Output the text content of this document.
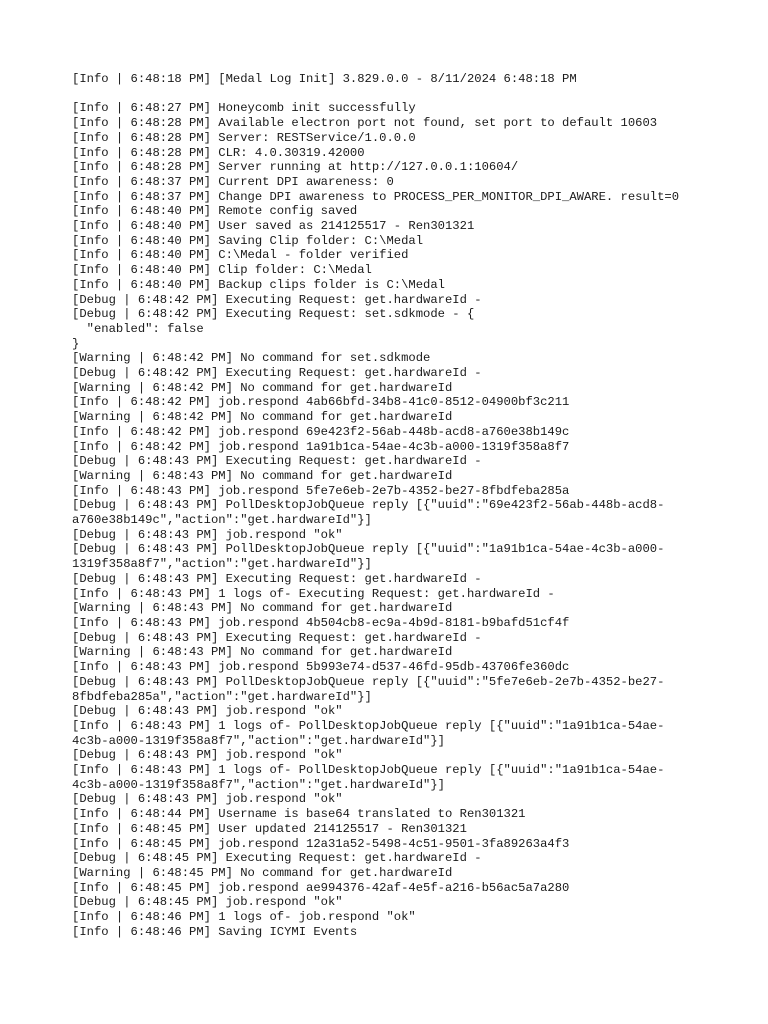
[Info | 6:48:18 PM] [Medal Log Init] 3.829.0.0 - 8/11/2024 6:48:18 PM
[Info | 6:48:27 PM] Honeycomb init successfully
[Info | 6:48:28 PM] Available electron port not found, set port to default 10603
[Info | 6:48:28 PM] Server: RESTService/1.0.0.0
[Info | 6:48:28 PM] CLR: 4.0.30319.42000
[Info | 6:48:28 PM] Server running at http://127.0.0.1:10604/
[Info | 6:48:37 PM] Current DPI awareness: 0
[Info | 6:48:37 PM] Change DPI awareness to PROCESS_PER_MONITOR_DPI_AWARE. result=0
[Info | 6:48:40 PM] Remote config saved
[Info | 6:48:40 PM] User saved as 214125517 - Ren301321
[Info | 6:48:40 PM] Saving Clip folder: C:\Medal
[Info | 6:48:40 PM] C:\Medal - folder verified
[Info | 6:48:40 PM] Clip folder: C:\Medal
[Info | 6:48:40 PM] Backup clips folder is C:\Medal
[Debug | 6:48:42 PM] Executing Request: get.hardwareId -
[Debug | 6:48:42 PM] Executing Request: set.sdkmode - {
"enabled": false
}
[Warning | 6:48:42 PM] No command for set.sdkmode
[Debug | 6:48:42 PM] Executing Request: get.hardwareId -
[Warning | 6:48:42 PM] No command for get.hardwareId
[Info | 6:48:42 PM] job.respond 4ab66bfd-34b8-41c0-8512-04900bf3c211
[Warning | 6:48:42 PM] No command for get.hardwareId
[Info | 6:48:42 PM] job.respond 69e423f2-56ab-448b-acd8-a760e38b149c
[Info | 6:48:42 PM] job.respond 1a91b1ca-54ae-4c3b-a000-1319f358a8f7
[Debug | 6:48:43 PM] Executing Request: get.hardwareId -
[Warning | 6:48:43 PM] No command for get.hardwareId
[Info | 6:48:43 PM] job.respond 5fe7e6eb-2e7b-4352-be27-8fbdfeba285a
[Debug | 6:48:43 PM] PollDesktopJobQueue reply [{"uuid":"69e423f2-56ab-448b-acd8-
a760e38b149c","action":"get.hardwareId"}]
[Debug | 6:48:43 PM] job.respond "ok"
[Debug | 6:48:43 PM] PollDesktopJobQueue reply [{"uuid":"1a91b1ca-54ae-4c3b-a000-
1319f358a8f7","action":"get.hardwareId"}]
[Debug | 6:48:43 PM] Executing Request: get.hardwareId -
[Info | 6:48:43 PM] 1 logs of- Executing Request: get.hardwareId -
[Warning | 6:48:43 PM] No command for get.hardwareId
[Info | 6:48:43 PM] job.respond 4b504cb8-ec9a-4b9d-8181-b9bafd51cf4f
[Debug | 6:48:43 PM] Executing Request: get.hardwareId -
[Warning | 6:48:43 PM] No command for get.hardwareId
[Info | 6:48:43 PM] job.respond 5b993e74-d537-46fd-95db-43706fe360dc
[Debug | 6:48:43 PM] PollDesktopJobQueue reply [{"uuid":"5fe7e6eb-2e7b-4352-be27-
8fbdfeba285a","action":"get.hardwareId"}]
[Debug | 6:48:43 PM] job.respond "ok"
[Info | 6:48:43 PM] 1 logs of- PollDesktopJobQueue reply [{"uuid":"1a91b1ca-54ae-
4c3b-a000-1319f358a8f7","action":"get.hardwareId"}]
[Debug | 6:48:43 PM] job.respond "ok"
[Info | 6:48:43 PM] 1 logs of- PollDesktopJobQueue reply [{"uuid":"1a91b1ca-54ae-
4c3b-a000-1319f358a8f7","action":"get.hardwareId"}]
[Debug | 6:48:43 PM] job.respond "ok"
[Info | 6:48:44 PM] Username is base64 translated to Ren301321
[Info | 6:48:45 PM] User updated 214125517 - Ren301321
[Info | 6:48:45 PM] job.respond 12a31a52-5498-4c51-9501-3fa89263a4f3
[Debug | 6:48:45 PM] Executing Request: get.hardwareId -
[Warning | 6:48:45 PM] No command for get.hardwareId
[Info | 6:48:45 PM] job.respond ae994376-42af-4e5f-a216-b56ac5a7a280
[Debug | 6:48:45 PM] job.respond "ok"
[Info | 6:48:46 PM] 1 logs of- job.respond "ok"
[Info | 6:48:46 PM] Saving ICYMI Events
